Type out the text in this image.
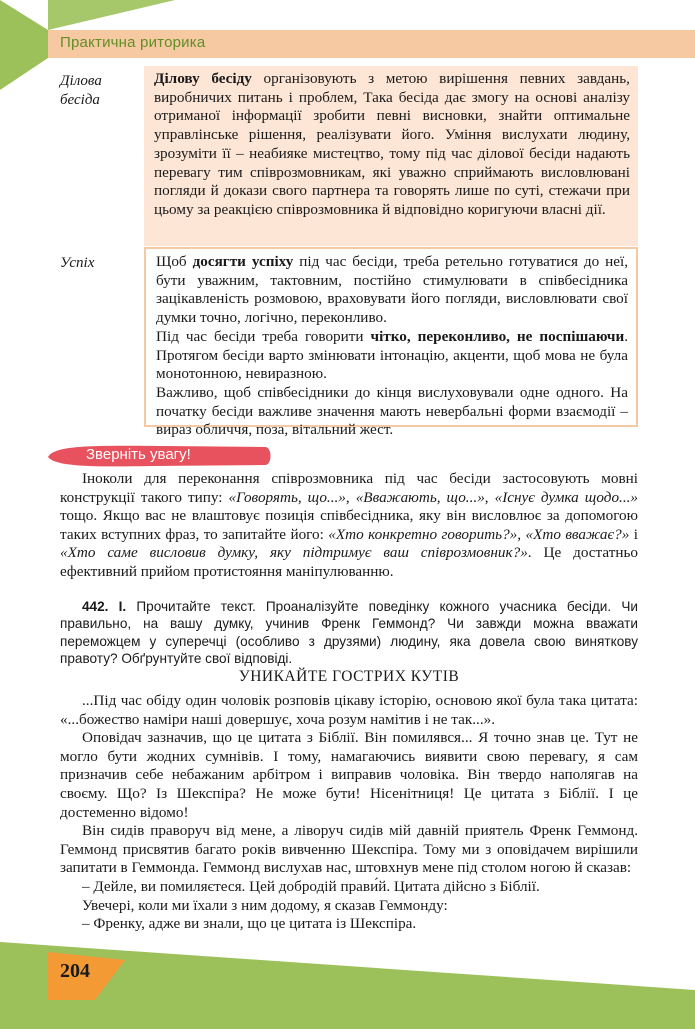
Практична риторика
Ділова бесіда

Ділову бесіду організовують з метою вирішення певних завдань, виробничих питань і проблем, Така бесіда дає змогу на основі аналізу отриманої інформації зробити певні висновки, знайти оптимальне управлінське рішення, реалізувати його. Уміння вислухати людину, зрозуміти її – неабияке мистецтво, тому під час ділової бесіди надають перевагу тим співрозмовникам, які уважно сприймають висловлювані погляди й докази свого партнера та говорять лише по суті, стежачи при цьому за реакцією співрозмовника й відповідно коригуючи власні дії.

Успіх	Щоб досягти успіху під час бесіди, треба ретельно готуватися до неї, бути уважним, тактовним, постійно стимулювати в співбесідника зацікавленість розмовою, враховувати його погляди, висловлювати свої думки точно, логічно, переконливо.

Під час бесіди треба говорити чітко, переконливо, не поспішаючи. Протягом бесіди варто змінювати інтонацію, акценти, щоб мова не була монотонною, невиразною.

Важливо, щоб співбесідники до кінця вислуховували одне одного. На початку бесіди важливе значення мають невербальні форми взаємодії – вираз обличчя, поза, вітальний жест.

Зверніть увагу!

Іноколи для переконання співрозмовника під час бесіди застосовують мовні конструкції такого типу: «Говорять, що...», «Вважають, що...», «Існує думка щодо...» тощо. Якщо вас не влаштовує позиція співбесідника, яку він висловлює за допомогою таких вступних фраз, то запитайте його: «Хто конкретно говорить?», «Хто вважає?» і «Хто саме висловив думку, яку підтримує ваш співрозмовник?». Це достатньо ефективний прийом протистояння маніпулюванню.

442. I. Прочитайте текст. Проаналізуйте поведінку кожного учасника бесіди. Чи правильно, на вашу думку, учинив Френк Геммонд? Чи завжди можна вважати переможцем у суперечці (особливо з друзями) людину, яка довела свою виняткову правоту? Обґрунтуйте свої відповіді.

УНИКАЙТЕ ГОСТРИХ КУТІВ

...Під час обіду один чоловік розповів цікаву історію, основою якої була така цитата: «...божество наміри наші довершує, хоча розум намітив і не так...».

Оповідач зазначив, що це цитата з Біблії. Він помилявся... Я точно знав це. Тут не могло бути жодних сумнівів. І тому, намагаючись виявити свою перевагу, я сам призначив себе небажаним арбітром і виправив чоловіка. Він твердо наполягав на своєму. Що? Із Шекспіра? Не може бути! Нісенітниця! Це цитата з Біблії. І це достеменно відомо!

Він сидів праворуч від мене, а ліворуч сидів мій давній приятель Френк Геммонд. Геммонд присвятив багато років вивченню Шекспіра. Тому ми з оповідачем вирішили запитати в Геммонда. Геммонд вислухав нас, штовхнув мене під столом ногою й сказав:

– Дейле, ви помиляєтеся. Цей добродій прави́й. Цитата дійсно з Біблії.

Увечері, коли ми їхали з ним додому, я сказав Геммонду:

– Френку, адже ви знали, що це цитата із Шекспіра.

204
